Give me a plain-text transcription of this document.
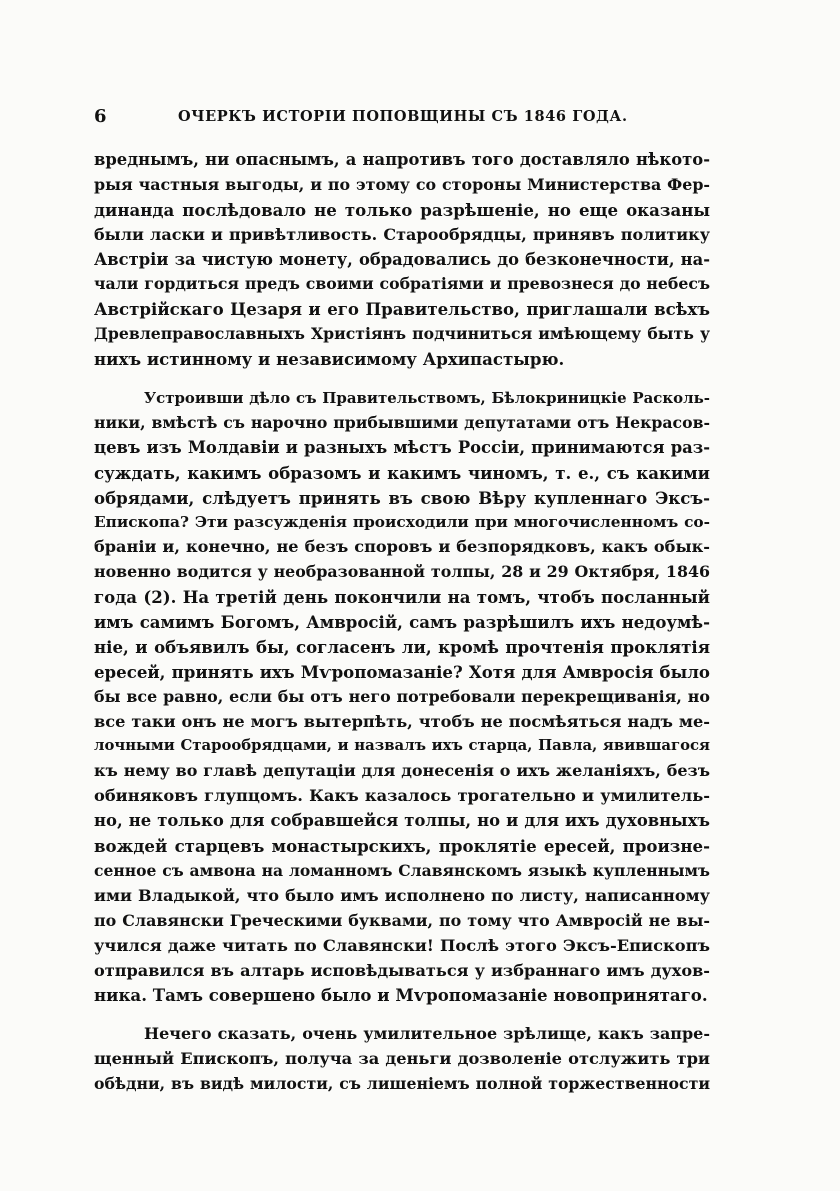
6	ОЧЕРКЪ ИСТОРІИ ПОПОВЩИНЫ СЪ 1846 ГОДА.
вреднымъ, ни опаснымъ, а напротивъ того доставляло нѣкото-
рыя частныя выгоды, и по этому со стороны Министерства Фер-
динанда послѣдовало не только разрѣшеніе, но еще оказаны
были ласки и привѣтливость. Старообрядцы, принявъ политику
Австріи за чистую монету, обрадовались до безконечности, на-
чали гордиться предъ своими собратіями и превознеся до небесъ
Австрійскаго Цезаря и его Правительство, приглашали всѣхъ
Древлеправославныхъ Христіянъ подчиниться имѣющему быть у
нихъ истинному и независимому Архипастырю.
Устроивши дѣло съ Правительствомъ, Бѣлокриницкіе Расколь-
ники, вмѣстѣ съ нарочно прибывшими депутатами отъ Некрасов-
цевъ изъ Молдавіи и разныхъ мѣстъ Россіи, принимаются раз-
суждать, какимъ образомъ и какимъ чиномъ, т. е., съ какими
обрядами, слѣдуетъ принять въ свою Вѣру купленнаго Эксъ-
Епископа? Эти разсужденія происходили при многочисленномъ со-
браніи и, конечно, не безъ споровъ и безпорядковъ, какъ обык-
новенно водится у необразованной толпы, 28 и 29 Октября, 1846
года (2). На третій день покончили на томъ, чтобъ посланный
имъ самимъ Богомъ, Амвросій, самъ разрѣшилъ ихъ недоумѣ-
ніе, и объявилъ бы, согласенъ ли, кромѣ прочтенія проклятія
ересей, принять ихъ Мѵропомазаніе? Хотя для Амвросія было
бы все равно, если бы отъ него потребовали перекрещиванія, но
все таки онъ не могъ вытерпѣть, чтобъ не посмѣяться надъ ме-
лочными Старообрядцами, и назвалъ ихъ старца, Павла, явившагося
къ нему во главѣ депутаціи для донесенія о ихъ желаніяхъ, безъ
обиняковъ глупцомъ. Какъ казалось трогательно и умилитель-
но, не только для собравшейся толпы, но и для ихъ духовныхъ
вождей старцевъ монастырскихъ, проклятіе ересей, произне-
сенное съ амвона на ломанномъ Славянскомъ языкѣ купленнымъ
ими Владыкой, что было имъ исполнено по листу, написанному
по Славянски Греческими буквами, по тому что Амвросій не вы-
учился даже читать по Славянски! Послѣ этого Эксъ-Епископъ
отправился въ алтарь исповѣдываться у избраннаго имъ духов-
ника. Тамъ совершено было и Мѵропомазаніе новопринятаго.
Нечего сказать, очень умилительное зрѣлище, какъ запре-
щенный Епископъ, получа за деньги дозволеніе отслужить три
обѣдни, въ видѣ милости, съ лишеніемъ полной торжественности
